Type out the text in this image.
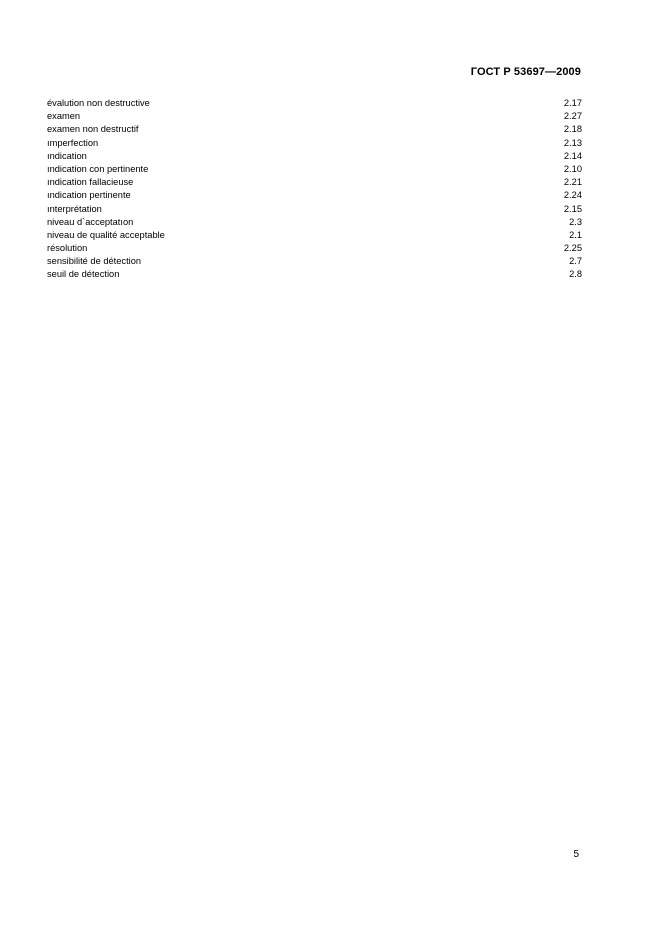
ГОСТ Р 53697—2009
évalution non destructive	2.17
examen	2.27
examen non destructif	2.18
ımperfection	2.13
ındication	2.14
ındication con pertinente	2.10
ındication fallacieuse	2.21
ındication pertinente	2.24
ınterprétation	2.15
niveau d`acceptatıon	2.3
niveau de qualité acceptable	2.1
résolution	2.25
sensibilité de détection	2.7
seuil de détection	2.8
5
